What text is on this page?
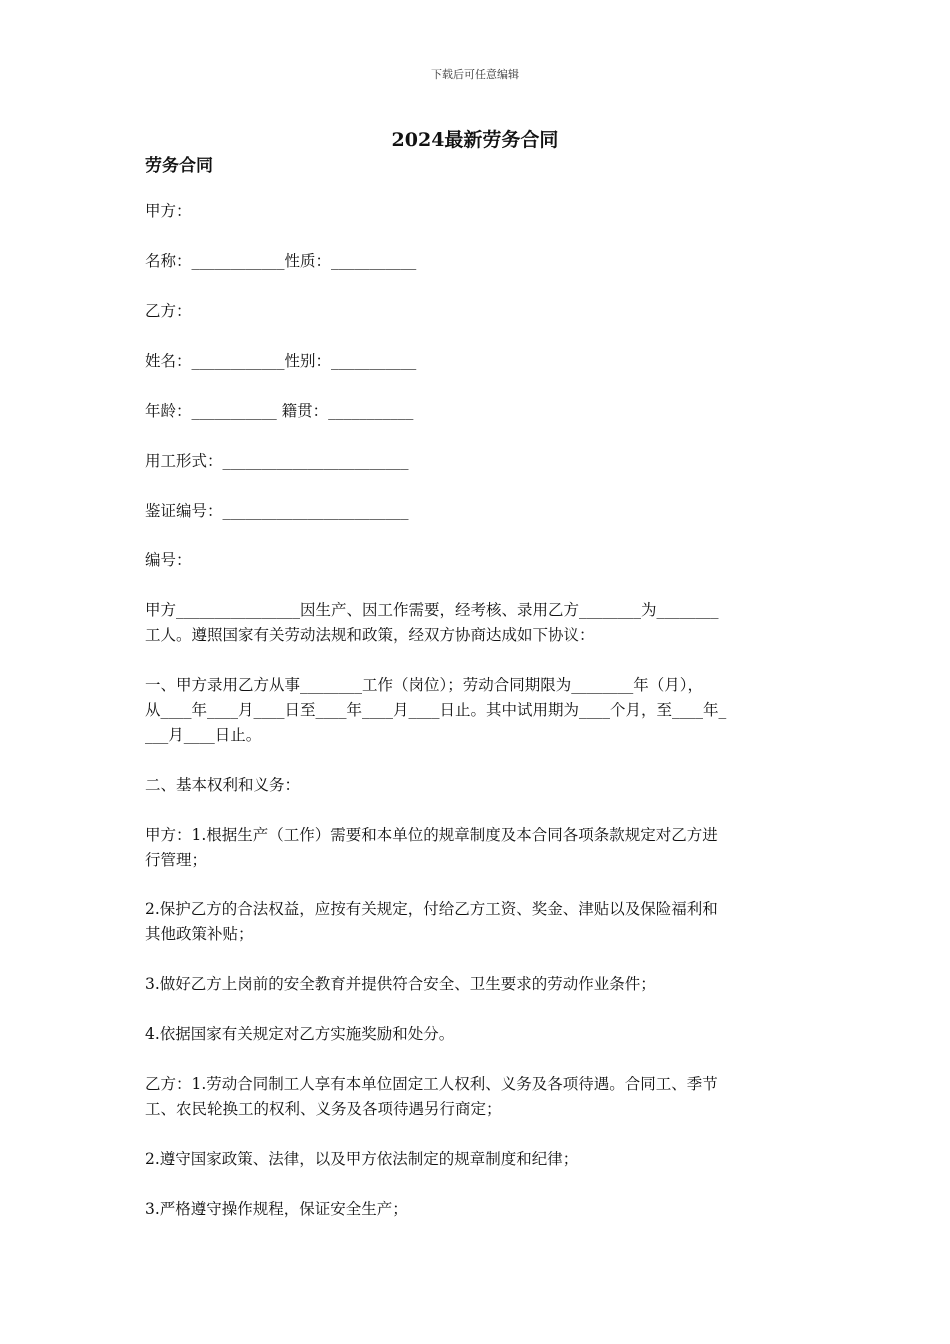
下载后可任意编辑
2024最新劳务合同
劳务合同
甲方：
名称：____________性质：___________
乙方：
姓名：____________性别：___________
年龄：___________ 籍贯：___________
用工形式：________________________
鉴证编号：________________________
编号：
甲方________________因生产、因工作需要，经考核、录用乙方________为________
工人。遵照国家有关劳动法规和政策，经双方协商达成如下协议：
一、甲方录用乙方从事________工作（岗位）；劳动合同期限为________年（月），
从____年____月____日至____年____月____日止。其中试用期为____个月，至____年_
___月____日止。
二、基本权利和义务：
甲方：1.根据生产（工作）需要和本单位的规章制度及本合同各项条款规定对乙方进
行管理；
2.保护乙方的合法权益，应按有关规定，付给乙方工资、奖金、津贴以及保险福利和
其他政策补贴；
3.做好乙方上岗前的安全教育并提供符合安全、卫生要求的劳动作业条件；
4.依据国家有关规定对乙方实施奖励和处分。
乙方：1.劳动合同制工人享有本单位固定工人权利、义务及各项待遇。合同工、季节
工、农民轮换工的权利、义务及各项待遇另行商定；
2.遵守国家政策、法律，以及甲方依法制定的规章制度和纪律；
3.严格遵守操作规程，保证安全生产；
